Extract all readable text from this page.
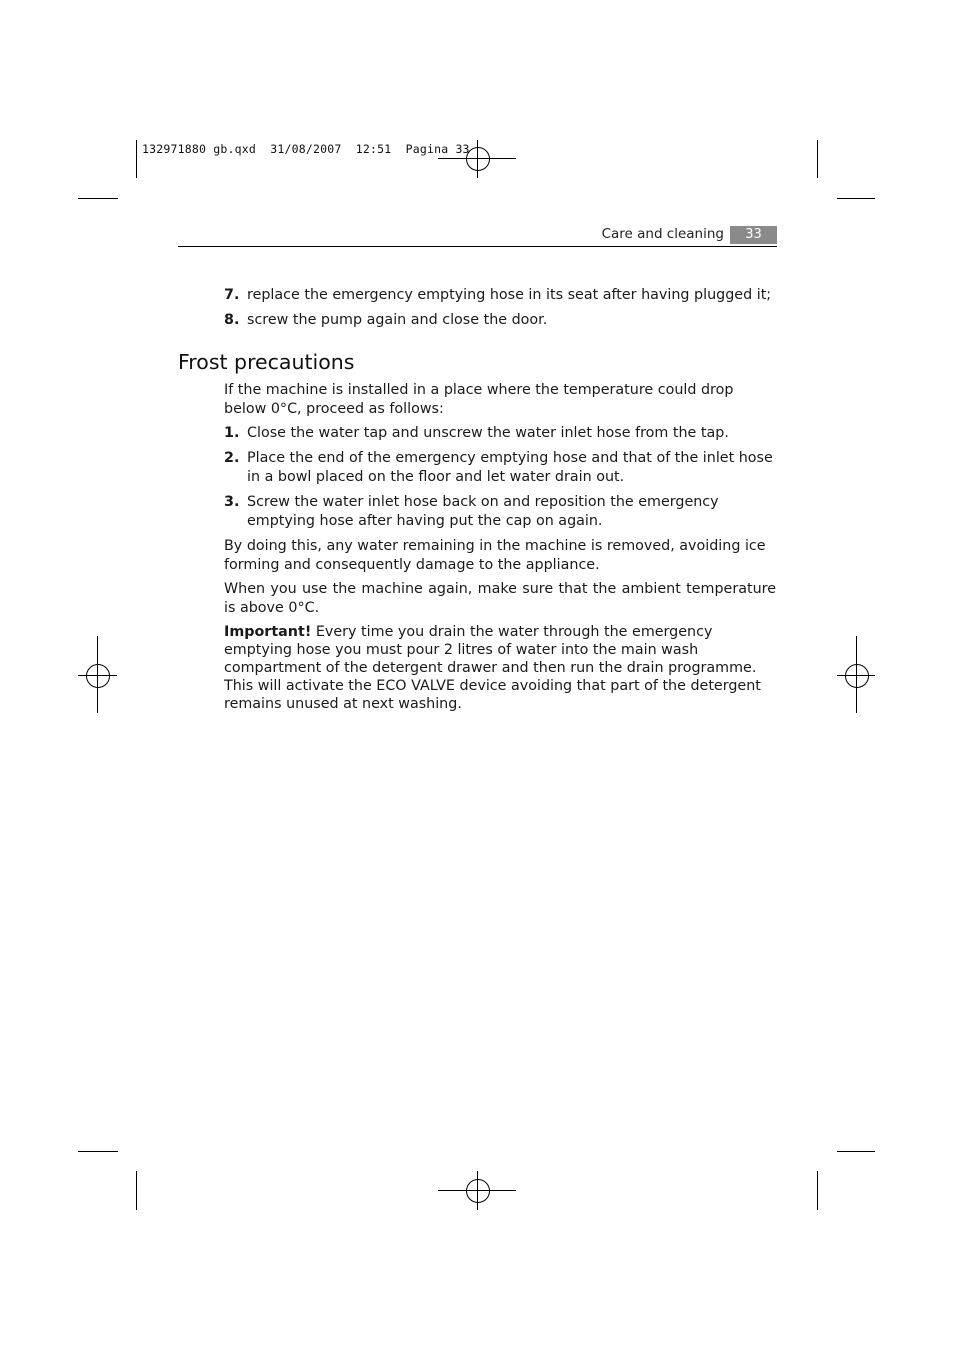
132971880 gb.qxd  31/08/2007  12:51  Pagina 33
Care and cleaning	33
7. replace the emergency emptying hose in its seat after having plugged it;
8. screw the pump again and close the door.
Frost precautions

If the machine is installed in a place where the temperature could drop below 0°C, proceed as follows:

1. Close the water tap and unscrew the water inlet hose from the tap.
2. Place the end of the emergency emptying hose and that of the inlet hose in a bowl placed on the floor and let water drain out.
3. Screw the water inlet hose back on and reposition the emergency emptying hose after having put the cap on again.

By doing this, any water remaining in the machine is removed, avoiding ice forming and consequently damage to the appliance.

When you use the machine again, make sure that the ambient temperature is above 0°C.

Important! Every time you drain the water through the emergency emptying hose you must pour 2 litres of water into the main wash compartment of the detergent drawer and then run the drain programme. This will activate the ECO VALVE device avoiding that part of the detergent remains unused at next washing.
